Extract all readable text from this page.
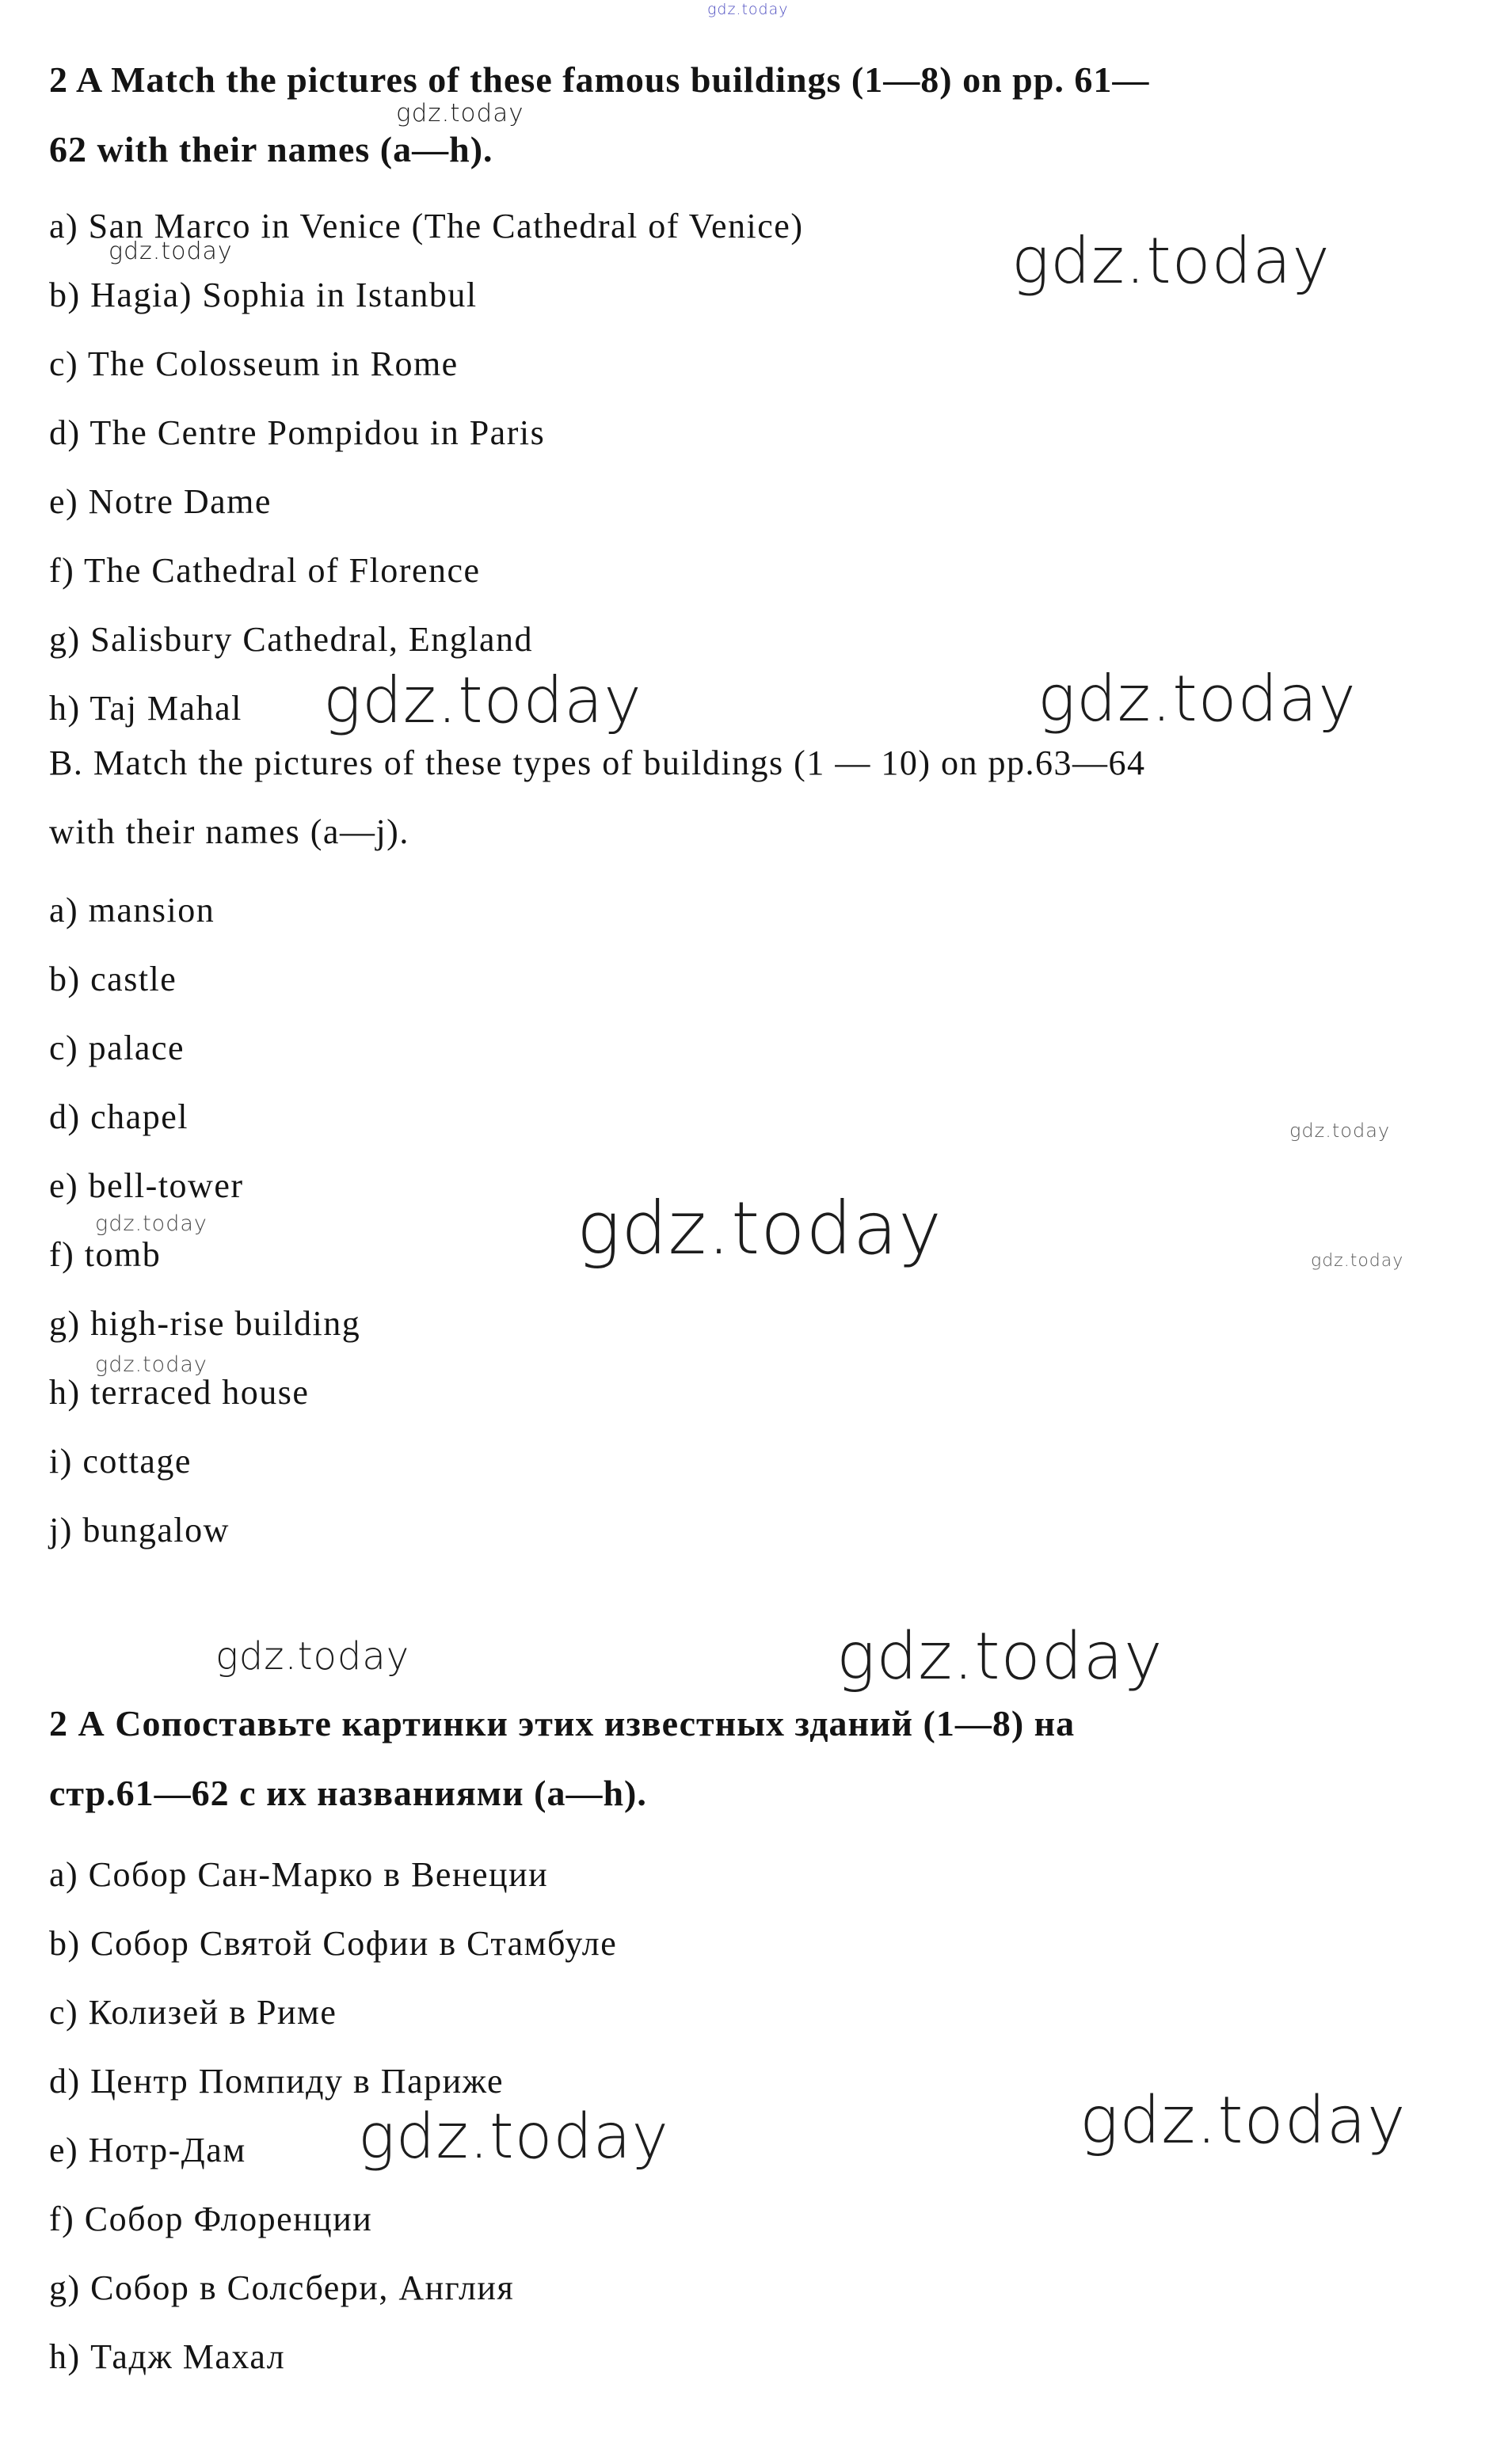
gdz.today
2 A Match the pictures of these famous buildings (1—8) on pp. 61—
gdz.today
62 with their names (a—h).
a) San Marco in Venice (The Cathedral of Venice)
gdz.today
b) Hagia) Sophia in Istanbul	gdz.today
c) The Colosseum in Rome
d) The Centre Pompidou in Paris
e) Notre Dame
f) The Cathedral of Florence
g) Salisbury Cathedral, England
h) Taj Mahal gdz.today	gdz.today
B. Match the pictures of these types of buildings (1 — 10) on pp.63—64
with their names (a—j).
a) mansion
b) castle
c) palace
d) chapel	gdz.today
e) bell-tower
gdz.today	gdz.today	gdz.today
f) tomb
g) high-rise building
gdz.today
h) terraced house
i) cottage
j) bungalow
gdz.today	gdz.today
2 А Сопоставьте картинки этих известных зданий (1—8) на
стр.61—62 с их названиями (а—h).
а) Собор Сан-Марко в Венеции
b) Собор Святой Софии в Стамбуле
c) Колизей в Риме
d) Центр Помпиду в Париже
e) Нотр-Дам gdz.today	gdz.today
f) Собор Флоренции
g) Собор в Солсбери, Англия
h) Тадж Махал
